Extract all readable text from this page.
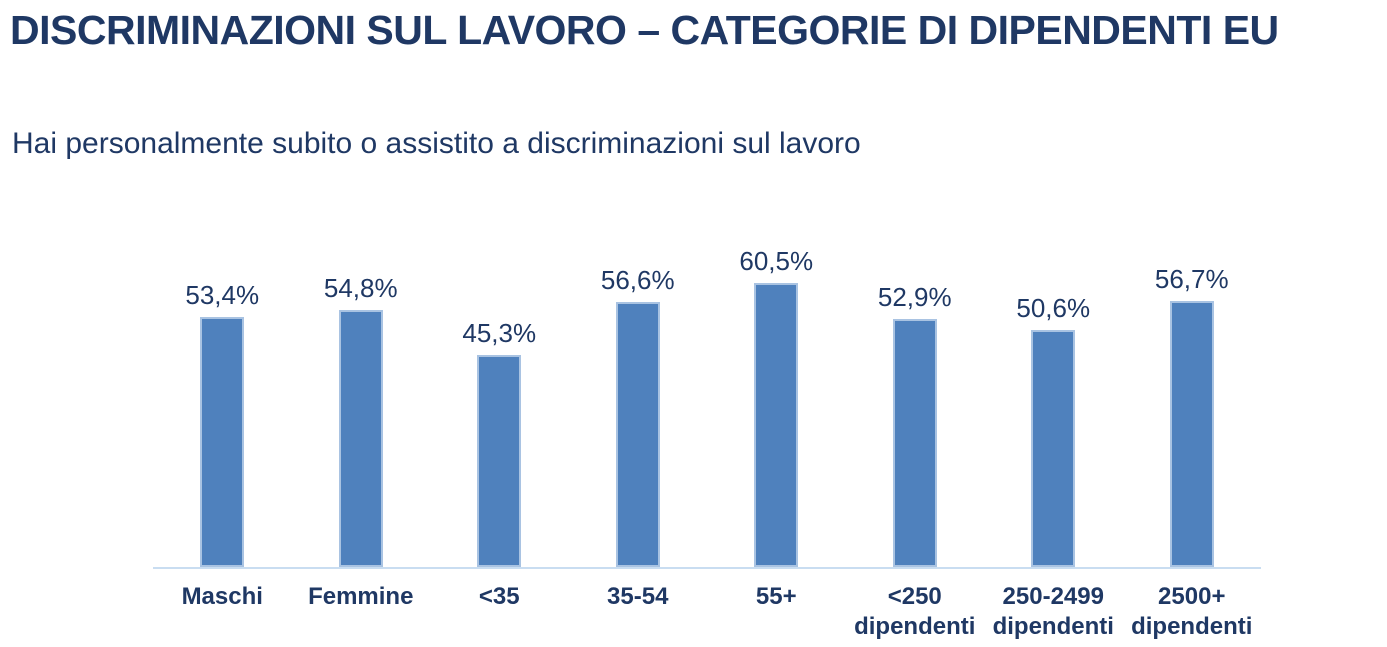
DISCRIMINAZIONI SUL LAVORO – CATEGORIE DI DIPENDENTI EU
Hai personalmente subito o assistito a discriminazioni sul lavoro
53,4% 54,8%
45,3%
56,6%
60,5%
52,9% 50,6%
56,7%
Maschi	Femmine	<35	35-54	55+	<250 dipendenti
250-2499 dipendenti
2500+ dipendenti
